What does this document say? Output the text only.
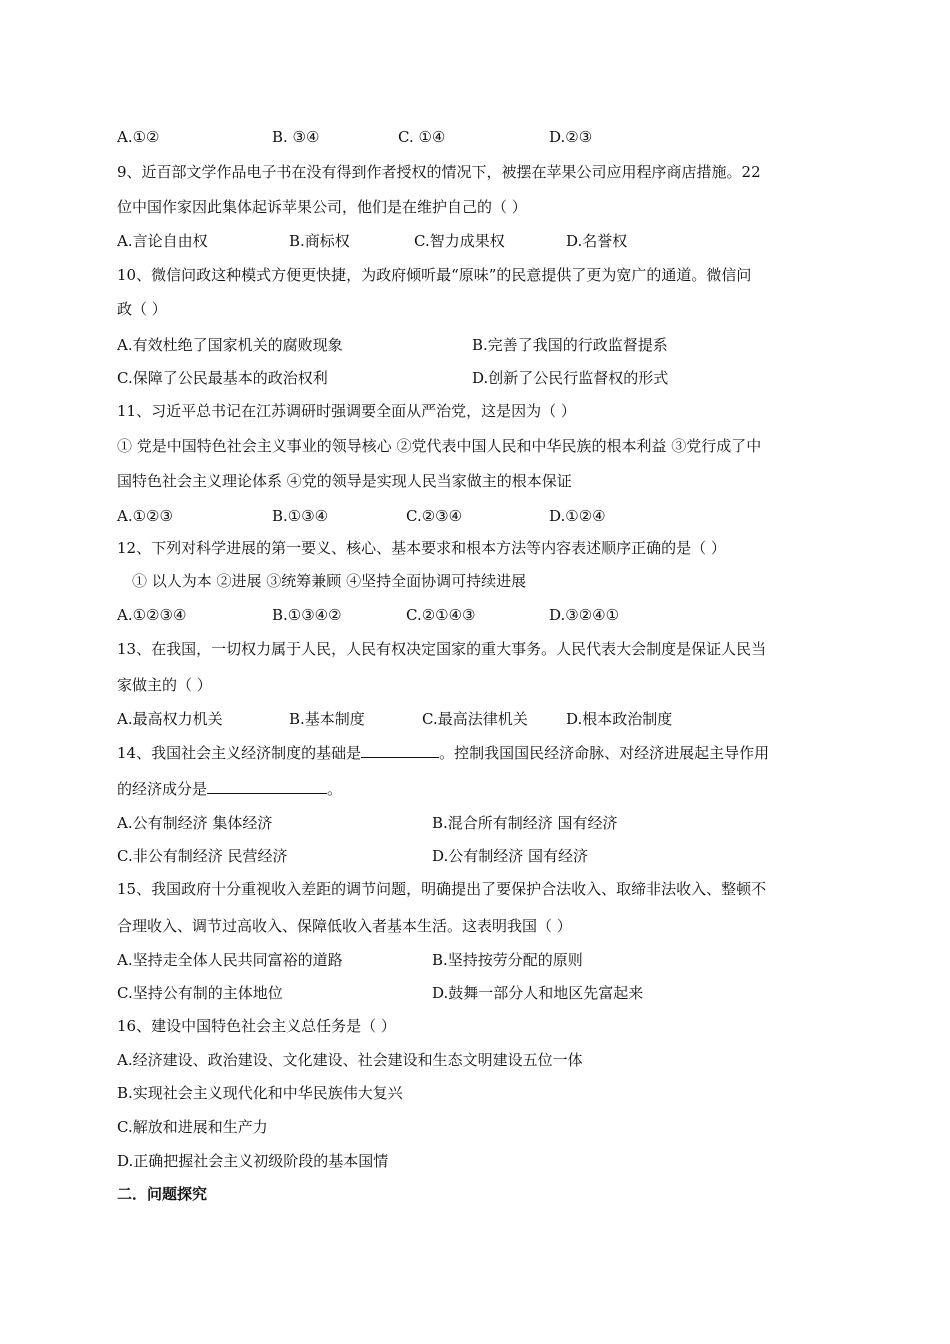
A.①②	B. ③④	C. ①④	D.②③
9、近百部文学作品电子书在没有得到作者授权的情况下，被摆在苹果公司应用程序商店措施。22
位中国作家因此集体起诉苹果公司，他们是在维护自己的（ ）
A.言论自由权	B.商标权	C.智力成果权	D.名誉权
10、微信问政这种模式方便更快捷，为政府倾听最“原味”的民意提供了更为宽广的通道。微信问
政（ ）
A.有效杜绝了国家机关的腐败现象	B.完善了我国的行政监督提系
C.保障了公民最基本的政治权利	D.创新了公民行监督权的形式
11、习近平总书记在江苏调研时强调要全面从严治党，这是因为（ ）
① 党是中国特色社会主义事业的领导核心 ②党代表中国人民和中华民族的根本利益 ③党行成了中
国特色社会主义理论体系 ④党的领导是实现人民当家做主的根本保证
A.①②③	B.①③④	C.②③④	D.①②④
12、下列对科学进展的第一要义、核心、基本要求和根本方法等内容表述顺序正确的是（ ）
① 以人为本 ②进展 ③统筹兼顾 ④坚持全面协调可持续进展
A.①②③④	B.①③④②	C.②①④③	D.③②④①
13、在我国，一切权力属于人民，人民有权决定国家的重大事务。人民代表大会制度是保证人民当
家做主的（ ）
A.最高权力机关	B.基本制度	C.最高法律机关	D.根本政治制度
14、我国社会主义经济制度的基础是	。控制我国国民经济命脉、对经济进展起主导作用
的经济成分是	。
A.公有制经济 集体经济	B.混合所有制经济 国有经济
C.非公有制经济 民营经济	D.公有制经济 国有经济
15、我国政府十分重视收入差距的调节问题，明确提出了要保护合法收入、取缔非法收入、整顿不
合理收入、调节过高收入、保障低收入者基本生活。这表明我国（ ）
A.坚持走全体人民共同富裕的道路	B.坚持按劳分配的原则
C.坚持公有制的主体地位	D.鼓舞一部分人和地区先富起来
16、建设中国特色社会主义总任务是（ ）
A.经济建设、政治建设、文化建设、社会建设和生态文明建设五位一体
B.实现社会主义现代化和中华民族伟大复兴
C.解放和进展和生产力
D.正确把握社会主义初级阶段的基本国情
二．问题探究
